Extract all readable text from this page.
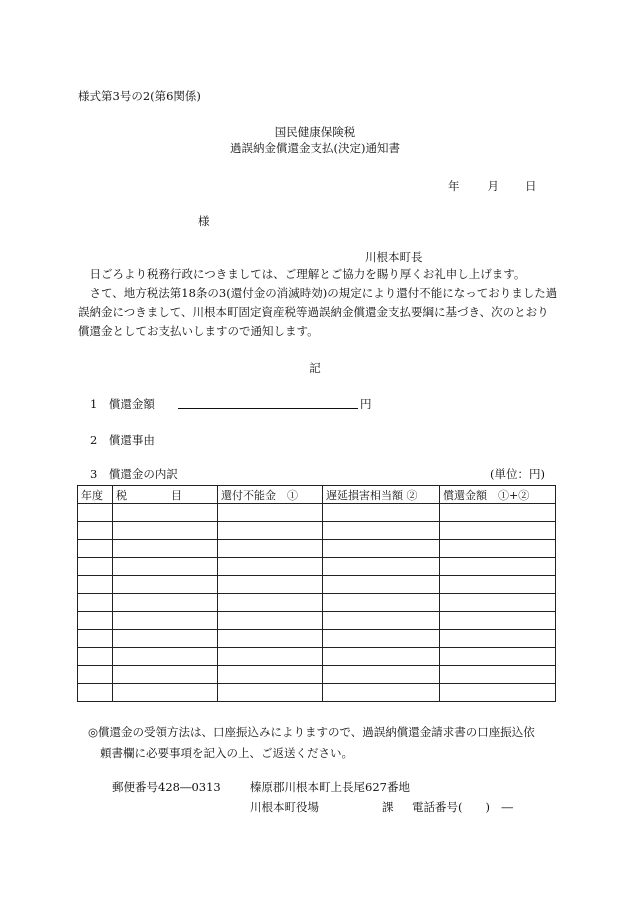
様式第3号の2(第6関係)
国民健康保険税
過誤納金償還金支払(決定)通知書
年 月 日
様
川根本町長
日ごろより税務行政につきましては、ご理解とご協力を賜り厚くお礼申し上げます。
さて、地方税法第18条の3(還付金の消滅時効)の規定により還付不能になっておりました過誤納金につきまして、川根本町固定資産税等過誤納金償還金支払要綱に基づき、次のとおり償還金としてお支払いしますので通知します。
記
1　償還金額	円
2　償還事由
3　償還金の内訳	(単位：円)
年度	税　　　　目	還付不能金　①	遅延損害相当額 ②	償還金額　①+②

◎償還金の受領方法は、口座振込みによりますので、過誤納償還金請求書の口座振込依
頼書欄に必要事項を記入の上、ご返送ください。
郵便番号428―0313	榛原郡川根本町上長尾627番地
川根本町役場	課 電話番号(　　)　―
